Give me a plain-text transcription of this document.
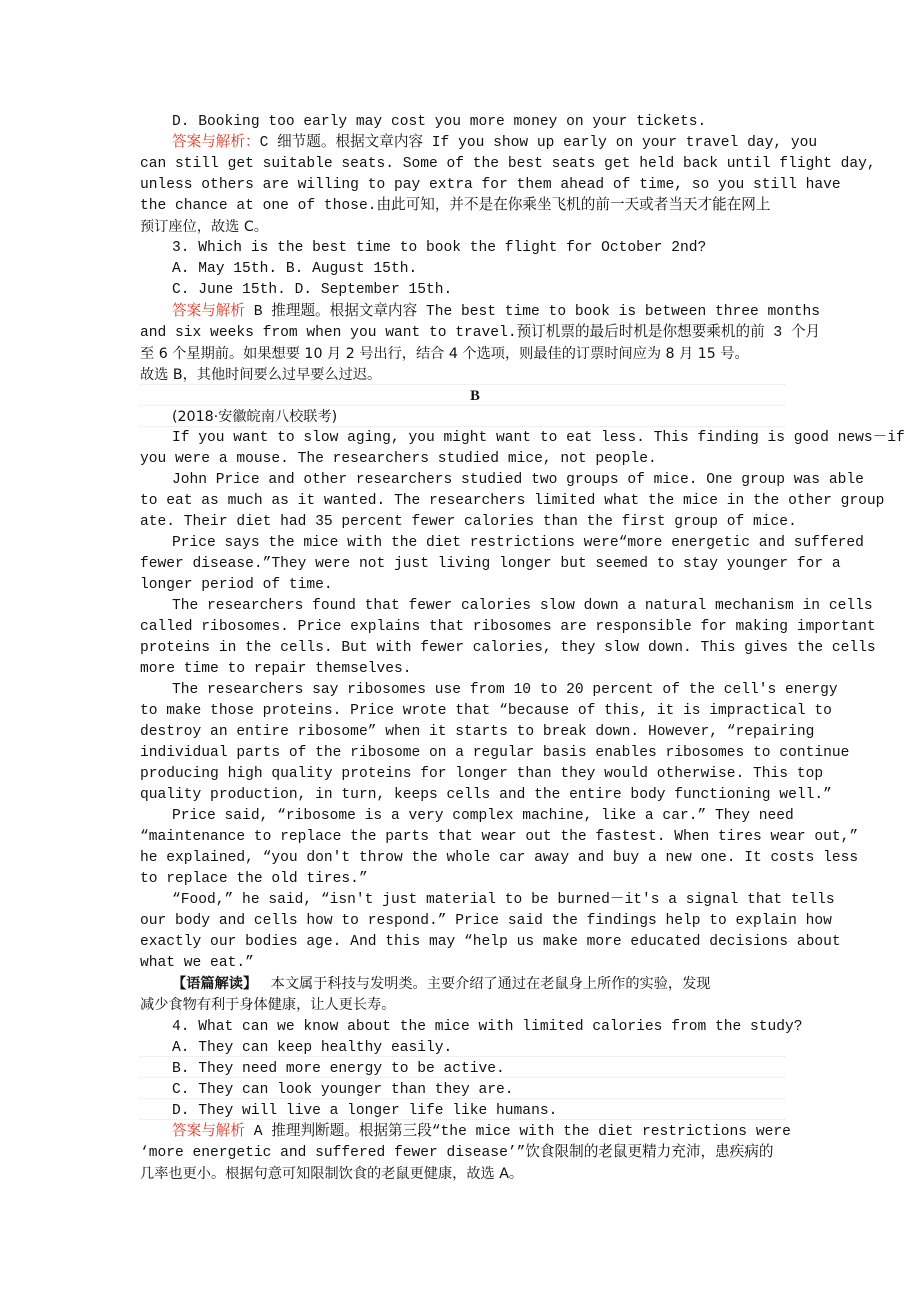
D. Booking too early may cost you more money on your tickets.
答案与解析：C 细节题。根据文章内容 If you show up early on your travel day, you
can still get suitable seats. Some of the best seats get held back until flight day,
unless others are willing to pay extra for them ahead of time, so you still have
the chance at one of those.由此可知，并不是在你乘坐飞机的前一天或者当天才能在网上
预订座位，故选 C。
3. Which is the best time to book the flight for October 2nd?
A. May 15th. B. August 15th.
C. June 15th. D. September 15th.
答案与解析 B 推理题。根据文章内容 The best time to book is between three months
and six weeks from when you want to travel.预订机票的最后时机是你想要乘机的前 3 个月
至 6 个星期前。如果想要 10 月 2 号出行，结合 4 个选项，则最佳的订票时间应为 8 月 15 号。
故选 B，其他时间要么过早要么过迟。
B
(2018·安徽皖南八校联考)
If you want to slow aging, you might want to eat less. This finding is good news－if
you were a mouse. The researchers studied mice, not people.
John Price and other researchers studied two groups of mice. One group was able
to eat as much as it wanted. The researchers limited what the mice in the other group
ate. Their diet had 35 percent fewer calories than the first group of mice.
Price says the mice with the diet restrictions were“more energetic and suffered
fewer disease.”They were not just living longer but seemed to stay younger for a
longer period of time.
The researchers found that fewer calories slow down a natural mechanism in cells
called ribosomes. Price explains that ribosomes are responsible for making important
proteins in the cells. But with fewer calories, they slow down. This gives the cells
more time to repair themselves.
The researchers say ribosomes use from 10 to 20 percent of the cell's energy
to make those proteins. Price wrote that “because of this, it is impractical to
destroy an entire ribosome” when it starts to break down. However, “repairing
individual parts of the ribosome on a regular basis enables ribosomes to continue
producing high quality proteins for longer than they would otherwise. This top
quality production, in turn, keeps cells and the entire body functioning well.”
Price said, “ribosome is a very complex machine, like a car.” They need
“maintenance to replace the parts that wear out the fastest. When tires wear out,”
he explained, “you don't throw the whole car away and buy a new one. It costs less
to replace the old tires.”
“Food,” he said, “isn't just material to be burned－it's a signal that tells
our body and cells how to respond.” Price said the findings help to explain how
exactly our bodies age. And this may “help us make more educated decisions about
what we eat.”
【语篇解读】 本文属于科技与发明类。主要介绍了通过在老鼠身上所作的实验，发现
减少食物有利于身体健康，让人更长寿。
4. What can we know about the mice with limited calories from the study?
A. They can keep healthy easily.
B. They need more energy to be active.
C. They can look younger than they are.
D. They will live a longer life like humans.
答案与解析 A 推理判断题。根据第三段“the mice with the diet restrictions were
‘more energetic and suffered fewer disease’”饮食限制的老鼠更精力充沛，患疾病的
几率也更小。根据句意可知限制饮食的老鼠更健康，故选 A。
